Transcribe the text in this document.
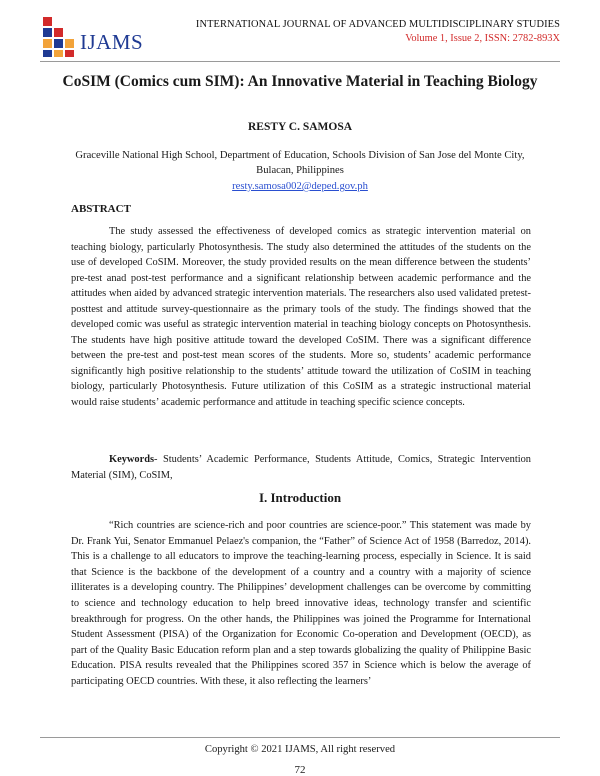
IJAMS
INTERNATIONAL JOURNAL OF ADVANCED MULTIDISCIPLINARY STUDIES
Volume 1, Issue 2, ISSN: 2782-893X
CoSIM (Comics cum SIM): An Innovative Material in Teaching Biology
RESTY C. SAMOSA
Graceville National High School, Department of Education, Schools Division of San Jose del Monte City, Bulacan, Philippines
resty.samosa002@deped.gov.ph
ABSTRACT

The study assessed the effectiveness of developed comics as strategic intervention material on teaching biology, particularly Photosynthesis. The study also determined the attitudes of the students on the use of developed CoSIM. Moreover, the study provided results on the mean difference between the students’ pre-test anad post-test performance and a significant relationship between academic performance and the attitudes when aided by advanced strategic intervention materials. The researchers also used validated pretest-posttest and attitude survey-questionnaire as the primary tools of the study. The findings showed that the developed comic was useful as strategic intervention material in teaching biology concepts on Photosynthesis. The students have high positive attitude toward the developed CoSIM. There was a significant difference between the pre-test and post-test mean scores of the students. More so, students’ academic performance significantly high positive relationship to the students’ attitude toward the utilization of CoSIM in teaching biology, particularly Photosynthesis. Future utilization of this CoSIM as a strategic instructional material would raise students’ academic performance and attitude in teaching specific science concepts.

Keywords- Students’ Academic Performance, Students Attitude, Comics, Strategic Intervention Material (SIM), CoSIM,

I. Introduction

“Rich countries are science-rich and poor countries are science-poor.” This statement was made by Dr. Frank Yui, Senator Emmanuel Pelaez's companion, the “Father” of Science Act of 1958 (Barredoz, 2014). This is a challenge to all educators to improve the teaching-learning process, especially in Science. It is said that Science is the backbone of the development of a country and a country with a majority of science illiterates is a developing country. The Philippines’ development challenges can be overcome by committing to science and technology education to help breed innovative ideas, technology transfer and scientific breakthrough for progress. On the other hands, the Philippines was joined the Programme for International Student Assessment (PISA) of the Organization for Economic Co-operation and Development (OECD), as part of the Quality Basic Education reform plan and a step towards globalizing the quality of Philippine Basic Education. PISA results revealed that the Philippines scored 357 in Science which is below the average of participating OECD countries. With these, it also reflecting the learners’

Copyright © 2021 IJAMS, All right reserved
72
